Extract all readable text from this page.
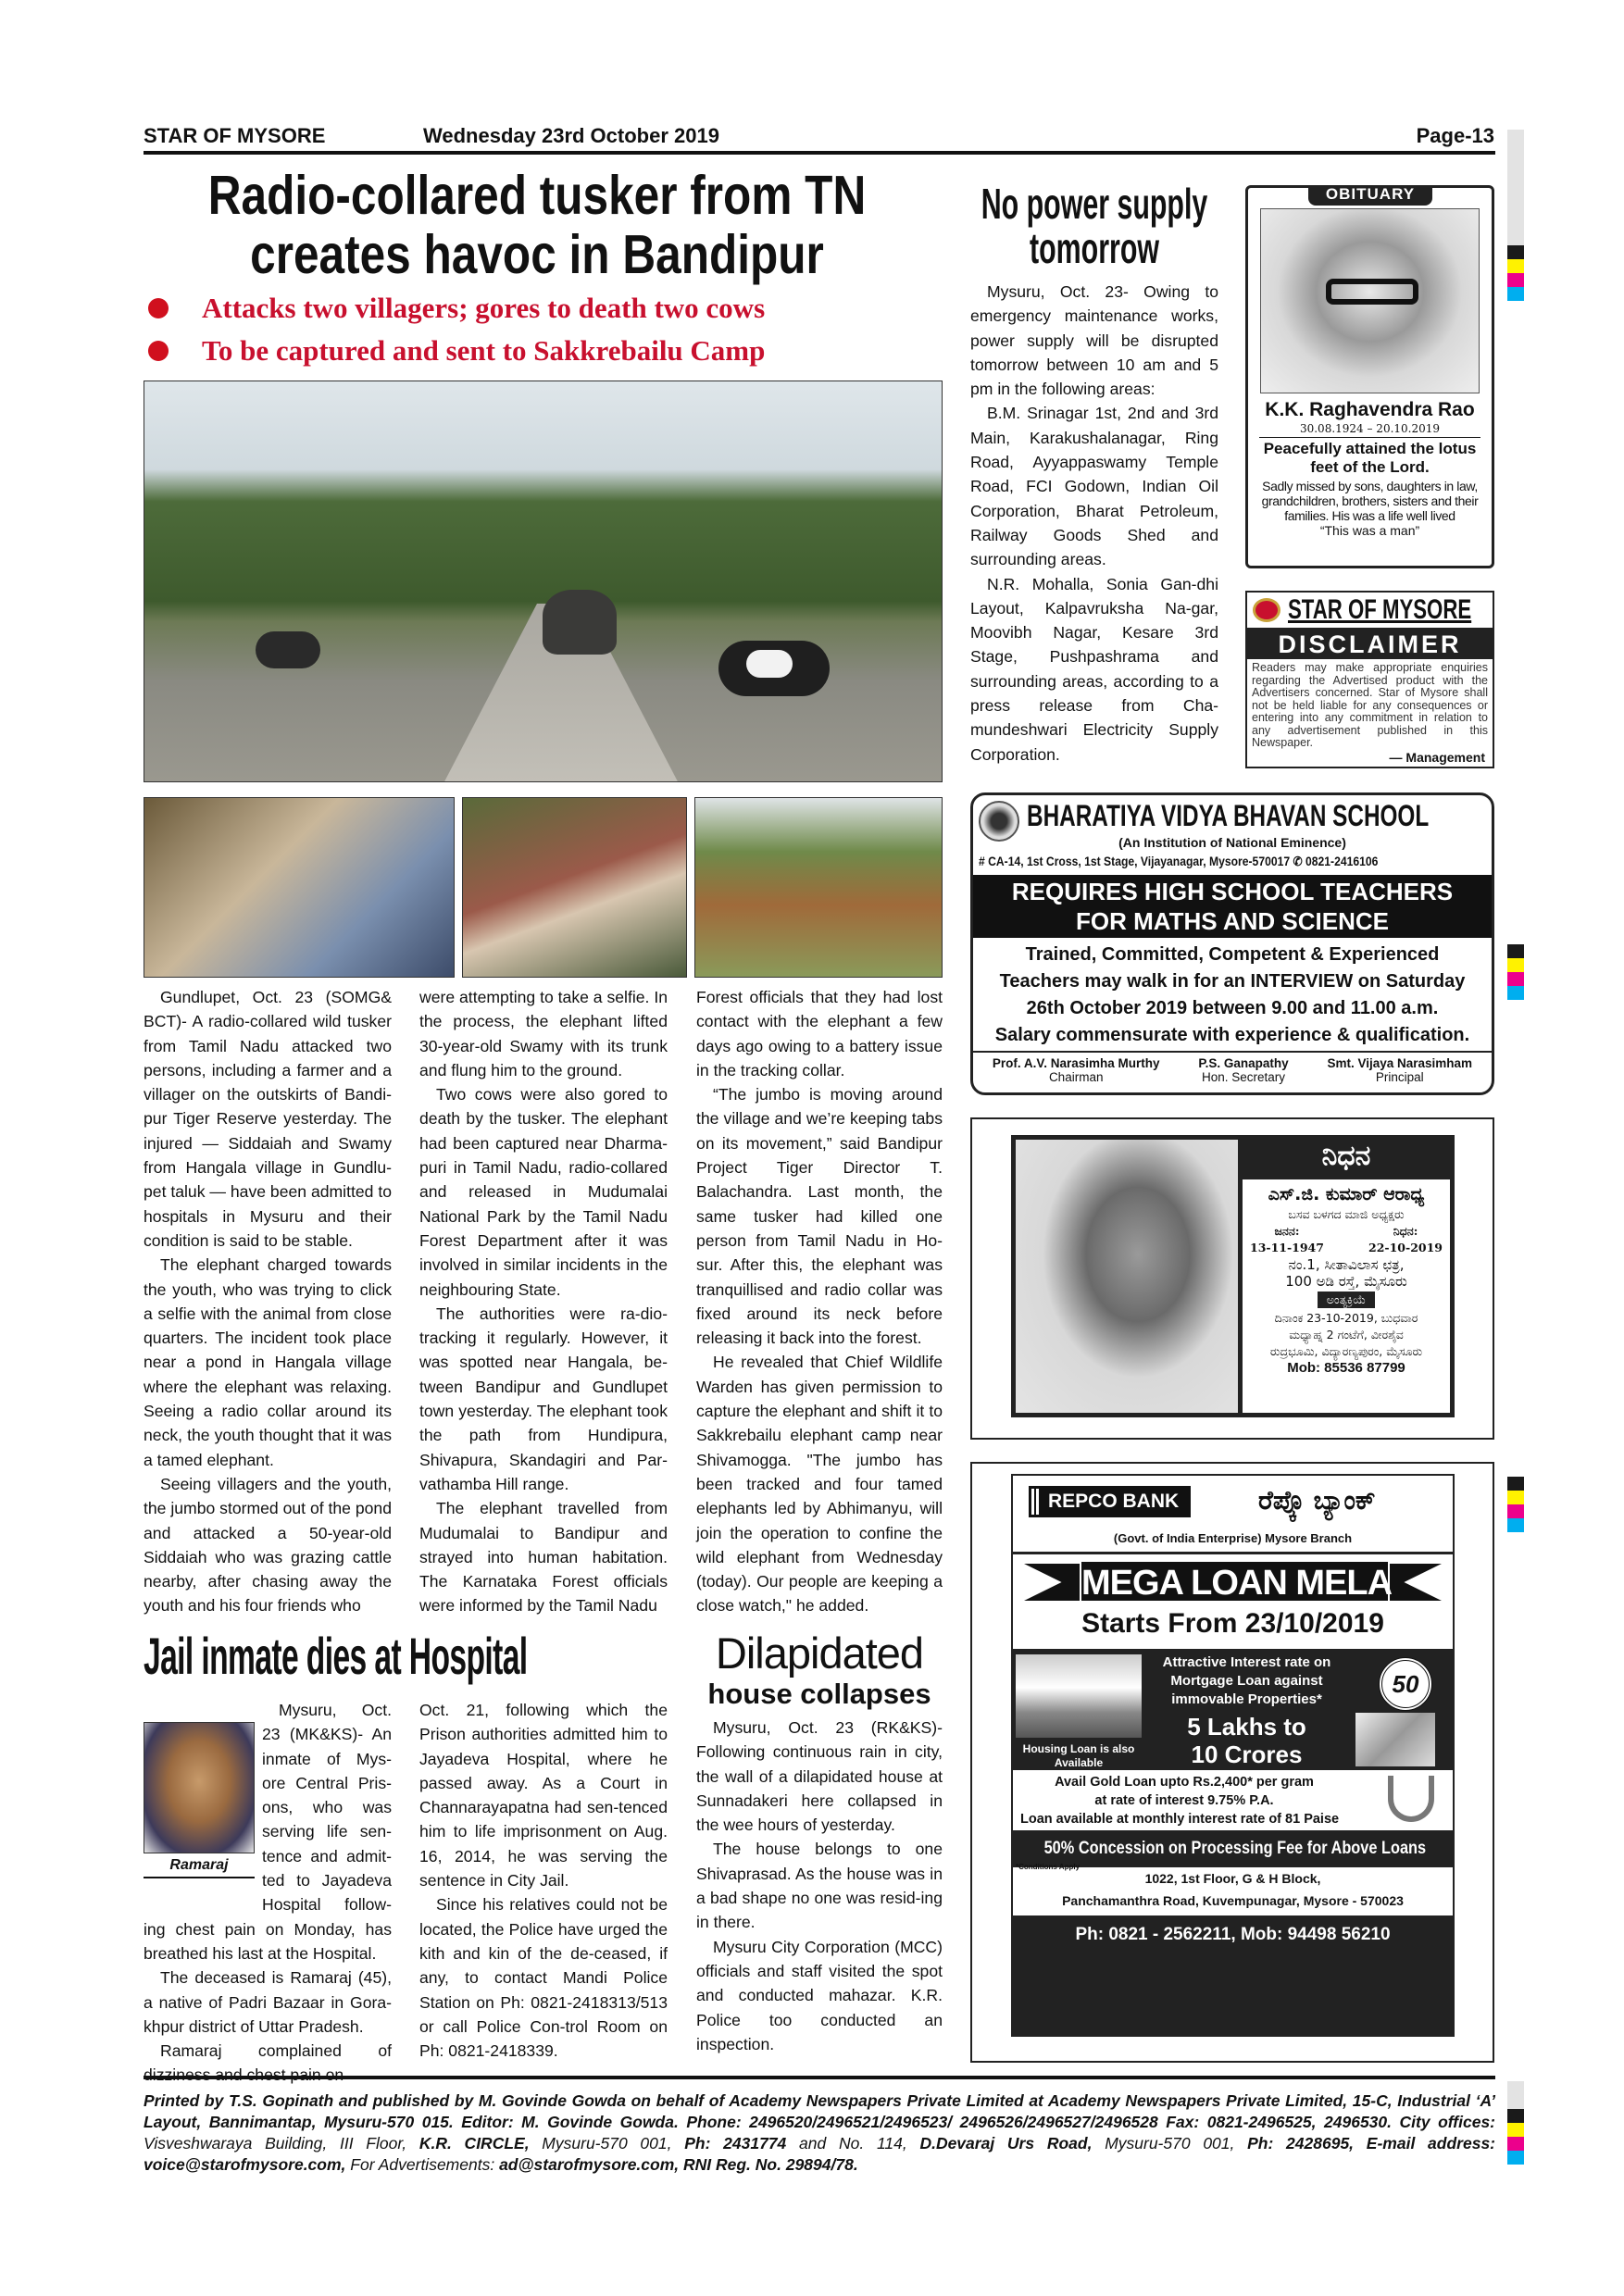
STAR OF MYSORE	Wednesday 23rd October 2019	Page-13
Radio-collared tusker from TN
creates havoc in Bandipur
Attacks two villagers; gores to death two cows
To be captured and sent to Sakkrebailu Camp

Gundlupet, Oct. 23 (SOMG& BCT)- A radio-collared wild tusker from Tamil Nadu attacked two persons, including a farmer and a villager on the outskirts of Bandi-pur Tiger Reserve yesterday. The injured — Siddaiah and Swamy from Hangala village in Gundlu-pet taluk — have been admitted to hospitals in Mysuru and their condition is said to be stable.

The elephant charged towards the youth, who was trying to click a selfie with the animal from close quarters. The incident took place near a pond in Hangala village where the elephant was relaxing. Seeing a radio collar around its neck, the youth thought that it was a tamed elephant.

Seeing villagers and the youth, the jumbo stormed out of the pond and attacked a 50-year-old Siddaiah who was grazing cattle nearby, after chasing away the youth and his four friends who

were attempting to take a selfie. In the process, the elephant lifted 30-year-old Swamy with its trunk and flung him to the ground.

Two cows were also gored to death by the tusker. The elephant had been captured near Dharma-puri in Tamil Nadu, radio-collared and released in Mudumalai National Park by the Tamil Nadu Forest Department after it was involved in similar incidents in the neighbouring State.

The authorities were ra-dio-tracking it regularly. However, it was spotted near Hangala, be-tween Bandipur and Gundlupet town yesterday. The elephant took the path from Hundipura, Shivapura, Skandagiri and Par-vathamba Hill range.

The elephant travelled from Mudumalai to Bandipur and strayed into human habitation. The Karnataka Forest officials were informed by the Tamil Nadu

Forest officials that they had lost contact with the elephant a few days ago owing to a battery issue in the tracking collar.

“The jumbo is moving around the village and we’re keeping tabs on its movement,” said Bandipur Project Tiger Director T. Balachandra. Last month, the same tusker had killed one person from Tamil Nadu in Ho-sur. After this, the elephant was tranquillised and radio collar was fixed around its neck before releasing it back into the forest.

He revealed that Chief Wildlife Warden has given permission to capture the elephant and shift it to Sakkrebailu elephant camp near Shivamogga. "The jumbo has been tracked and four tamed elephants led by Abhimanyu, will join the operation to confine the wild elephant from Wednesday (today). Our people are keeping a close watch," he added.

Jail inmate dies at Hospital
Ramaraj

Mysuru, Oct. 23 (MK&KS)- An inmate of Mys-ore Central Pris-ons, who was serving life sen-tence and admit-ted to Jayadeva Hospital follow-ing chest pain on Monday, has breathed his last at the Hospital.

The deceased is Ramaraj (45), a native of Padri Bazaar in Gora-khpur district of Uttar Pradesh.

Ramaraj complained of

Oct. 21, following which the Prison authorities admitted him to Jayadeva Hospital, where he passed away. As a Court in Channarayapatna had sen-tenced him to life imprisonment on Aug. 16, 2014, he was serving the sentence in City Jail.

Since his relatives could not be located, the Police have urged the kith and kin of the de-ceased, if any, to contact Mandi Police Station on Ph: 0821-2418313/513 or call Police Con-trol Room on Ph: 0821-2418339.

Dilapidated
house collapses

Mysuru, Oct. 23 (RK&KS)- Following continuous rain in city, the wall of a dilapidated house at Sunnadakeri here collapsed in the wee hours of yesterday.

The house belongs to one Shivaprasad. As the house was in a bad shape no one was resid-ing in there.

Mysuru City Corporation (MCC) officials and staff visited the spot and conducted mahazar. K.R. Police too conducted an inspection.

No power supply
tomorrow

Mysuru, Oct. 23- Owing to emergency maintenance works, power supply will be disrupted tomorrow between 10 am and 5 pm in the following areas:

B.M. Srinagar 1st, 2nd and 3rd Main, Karakushalanagar, Ring Road, Ayyappaswamy Temple Road, FCI Godown, Indian Oil Corporation, Bharat Petroleum, Railway Goods Shed and surrounding areas.

N.R. Mohalla, Sonia Gan-dhi Layout, Kalpavruksha Na-gar, Moovibh Nagar, Kesare 3rd Stage, Pushpashrama and surrounding areas, according to a press release from Cha-mundeshwari Electricity Supply Corporation.

OBITUARY
K.K. Raghavendra Rao
30.08.1924 – 20.10.2019
Peacefully attained the lotus feet of the Lord.
Sadly missed by sons, daughters in law, grandchildren, brothers, sisters and their families. His was a life well lived
“This was a man”
STAR OF MYSORE
DISCLAIMER
Readers may make appropriate enquiries regarding the Advertised product with the Advertisers concerned. Star of Mysore shall not be held liable for any consequences or entering into any commitment in relation to any advertisement published in this Newspaper.
— Management
BHARATIYA VIDYA BHAVAN SCHOOL
(An Institution of National Eminence)
# CA-14, 1st Cross, 1st Stage, Vijayanagar, Mysore-570017 ✆ 0821-2416106
REQUIRES HIGH SCHOOL TEACHERS
FOR MATHS AND SCIENCE
Trained, Committed, Competent & Experienced
Teachers may walk in for an INTERVIEW on Saturday
26th October 2019 between 9.00 and 11.00 a.m.
Salary commensurate with experience & qualification.
Prof. A.V. Narasimha Murthy
Chairman
P.S. Ganapathy
Hon. Secretary
Smt. Vijaya Narasimham
Principal
ನಿಧನ
ಎಸ್.ಜಿ. ಕುಮಾರ್ ಆರಾಧ್ಯ
ಬಸವ ಬಳಗದ ಮಾಜಿ ಅಧ್ಯಕ್ಷರು
ಜನನ:
13-11-1947
ನಿಧನ:
22-10-2019
ನಂ.1, ಸೀತಾವಿಲಾಸ ಛತ್ರ,
100 ಅಡಿ ರಸ್ತೆ, ಮೈಸೂರು
ಅಂತ್ಯಕ್ರಿಯೆ
ದಿನಾಂಕ 23-10-2019, ಬುಧವಾರ
ಮಧ್ಯಾಹ್ನ 2 ಗಂಟೆಗೆ, ವೀರಶೈವ
ರುದ್ರಭೂಮಿ, ವಿದ್ಯಾರಣ್ಯಪುರಂ, ಮೈಸೂರು
Mob: 85536 87799
REPCO BANK	ರೆಪ್ಕೊ ಬ್ಯಾಂಕ್
(Govt. of India Enterprise) Mysore Branch
MEGA LOAN MELA
Starts From 23/10/2019
Housing Loan is also Available
Attractive Interest rate on Mortgage Loan against immovable Properties*
5 Lakhs to
10 Crores
50
Avail Gold Loan upto Rs.2,400* per gram
at rate of interest 9.75% P.A.
Loan available at monthly interest rate of 81 Paise
50% Concession on Processing Fee for Above Loans
*Conditions Apply
1022, 1st Floor, G & H Block,
Panchamanthra Road, Kuvempunagar, Mysore - 570023
Ph: 0821 - 2562211, Mob: 94498 56210
Printed by T.S. Gopinath and published by M. Govinde Gowda on behalf of Academy Newspapers Private Limited at Academy Newspapers Private Limited, 15-C, Industrial ‘A’ Layout, Bannimantap, Mysuru-570 015. Editor: M. Govinde Gowda. Phone: 2496520/2496521/2496523/ 2496526/2496527/2496528 Fax: 0821-2496525, 2496530. City offices: Visveshwaraya Building, III Floor, K.R. CIRCLE, Mysuru-570 001, Ph: 2431774 and No. 114, D.Devaraj Urs Road, Mysuru-570 001, Ph: 2428695, E-mail address: voice@starofmysore.com, For Advertisements: ad@starofmysore.com, RNI Reg. No. 29894/78.
